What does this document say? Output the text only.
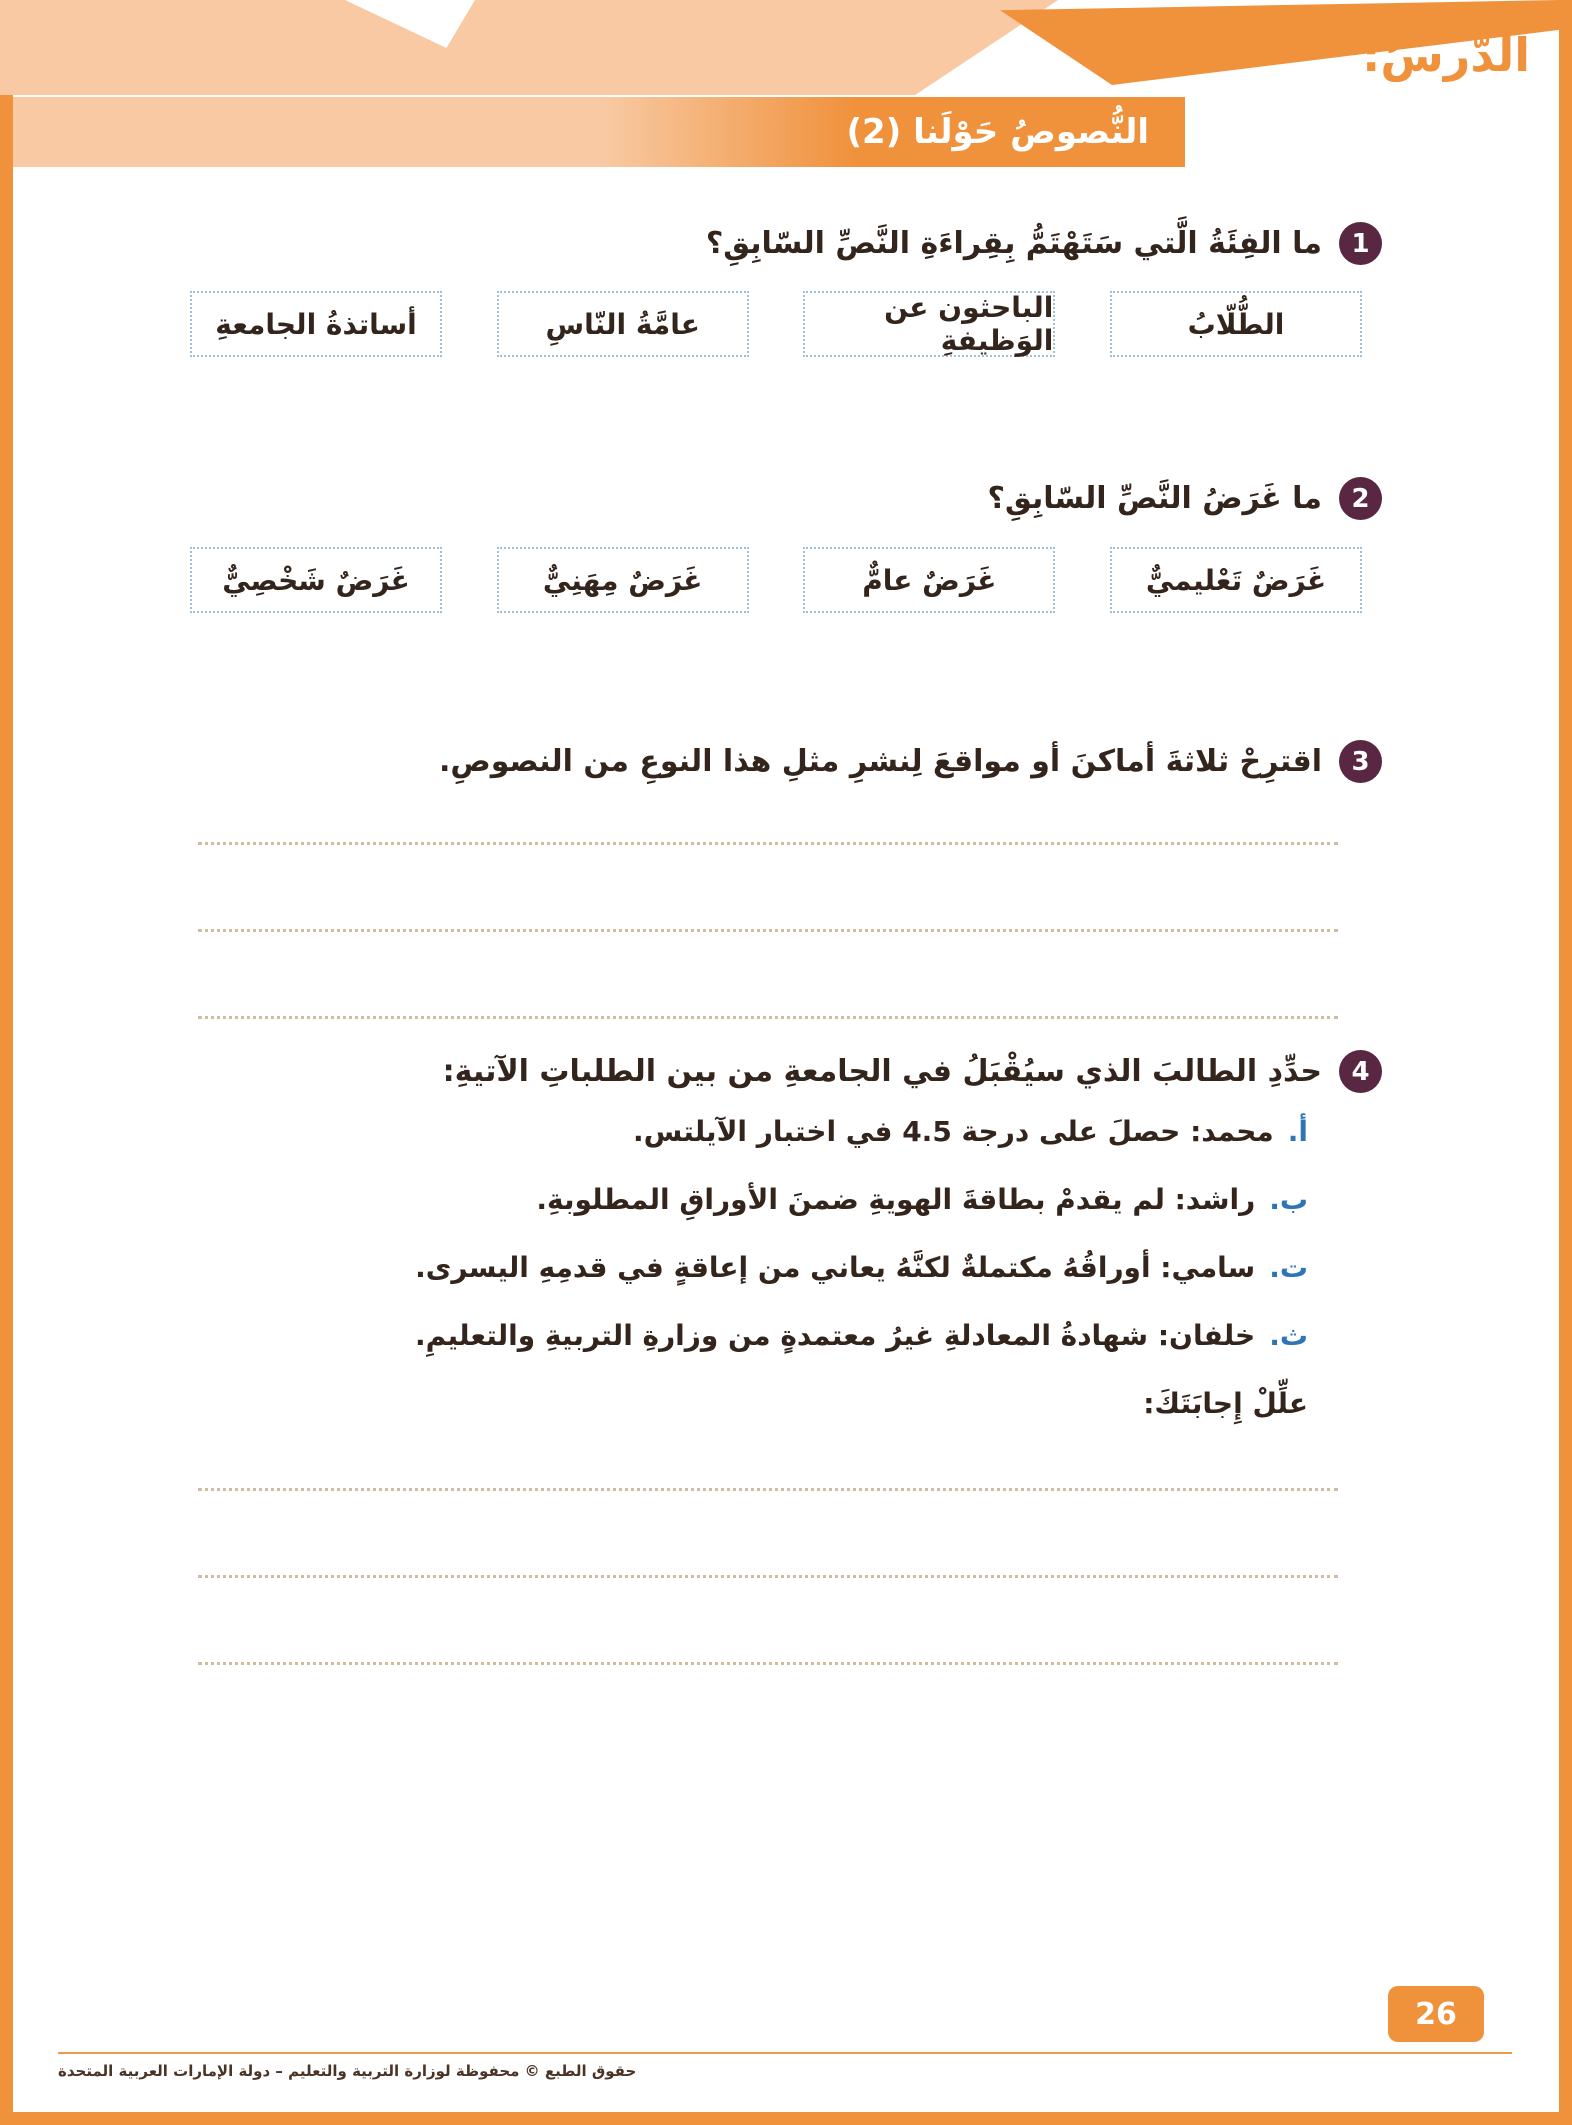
الدّرسُ:
النُّصوصُ حَوْلَنا (2)
1
ما الفِئَةُ الَّتي سَتَهْتَمُّ بِقِراءَةِ النَّصِّ السّابِقِ؟
الطُّلّابُ
الباحثون عن الوَظيفةِ
عامَّةُ النّاسِ
أساتذةُ الجامعةِ
2
ما غَرَضُ النَّصِّ السّابِقِ؟
غَرَضٌ تَعْليميٌّ
غَرَضٌ عامٌّ
غَرَضٌ مِهَنِيٌّ
غَرَضٌ شَخْصِيٌّ
3
اقترِحْ ثلاثةَ أماكنَ أو مواقعَ لِنشرِ مثلِ هذا النوعِ من النصوصِ.
4
حدِّدِ الطالبَ الذي سيُقْبَلُ في الجامعةِ من بين الطلباتِ الآتيةِ:
أ.محمد: حصلَ على درجة 4.5 في اختبار الآيلتس.
ب.راشد: لم يقدمْ بطاقةَ الهويةِ ضمنَ الأوراقِ المطلوبةِ.
ت.سامي: أوراقُهُ مكتملةٌ لكنَّهُ يعاني من إعاقةٍ في قدمِهِ اليسرى.
ث.خلفان: شهادةُ المعادلةِ غيرُ معتمدةٍ من وزارةِ التربيةِ والتعليمِ.
علِّلْ إِجابَتَكَ:
26
حقوق الطبع © محفوظة لوزارة التربية والتعليم – دولة الإمارات العربية المتحدة
